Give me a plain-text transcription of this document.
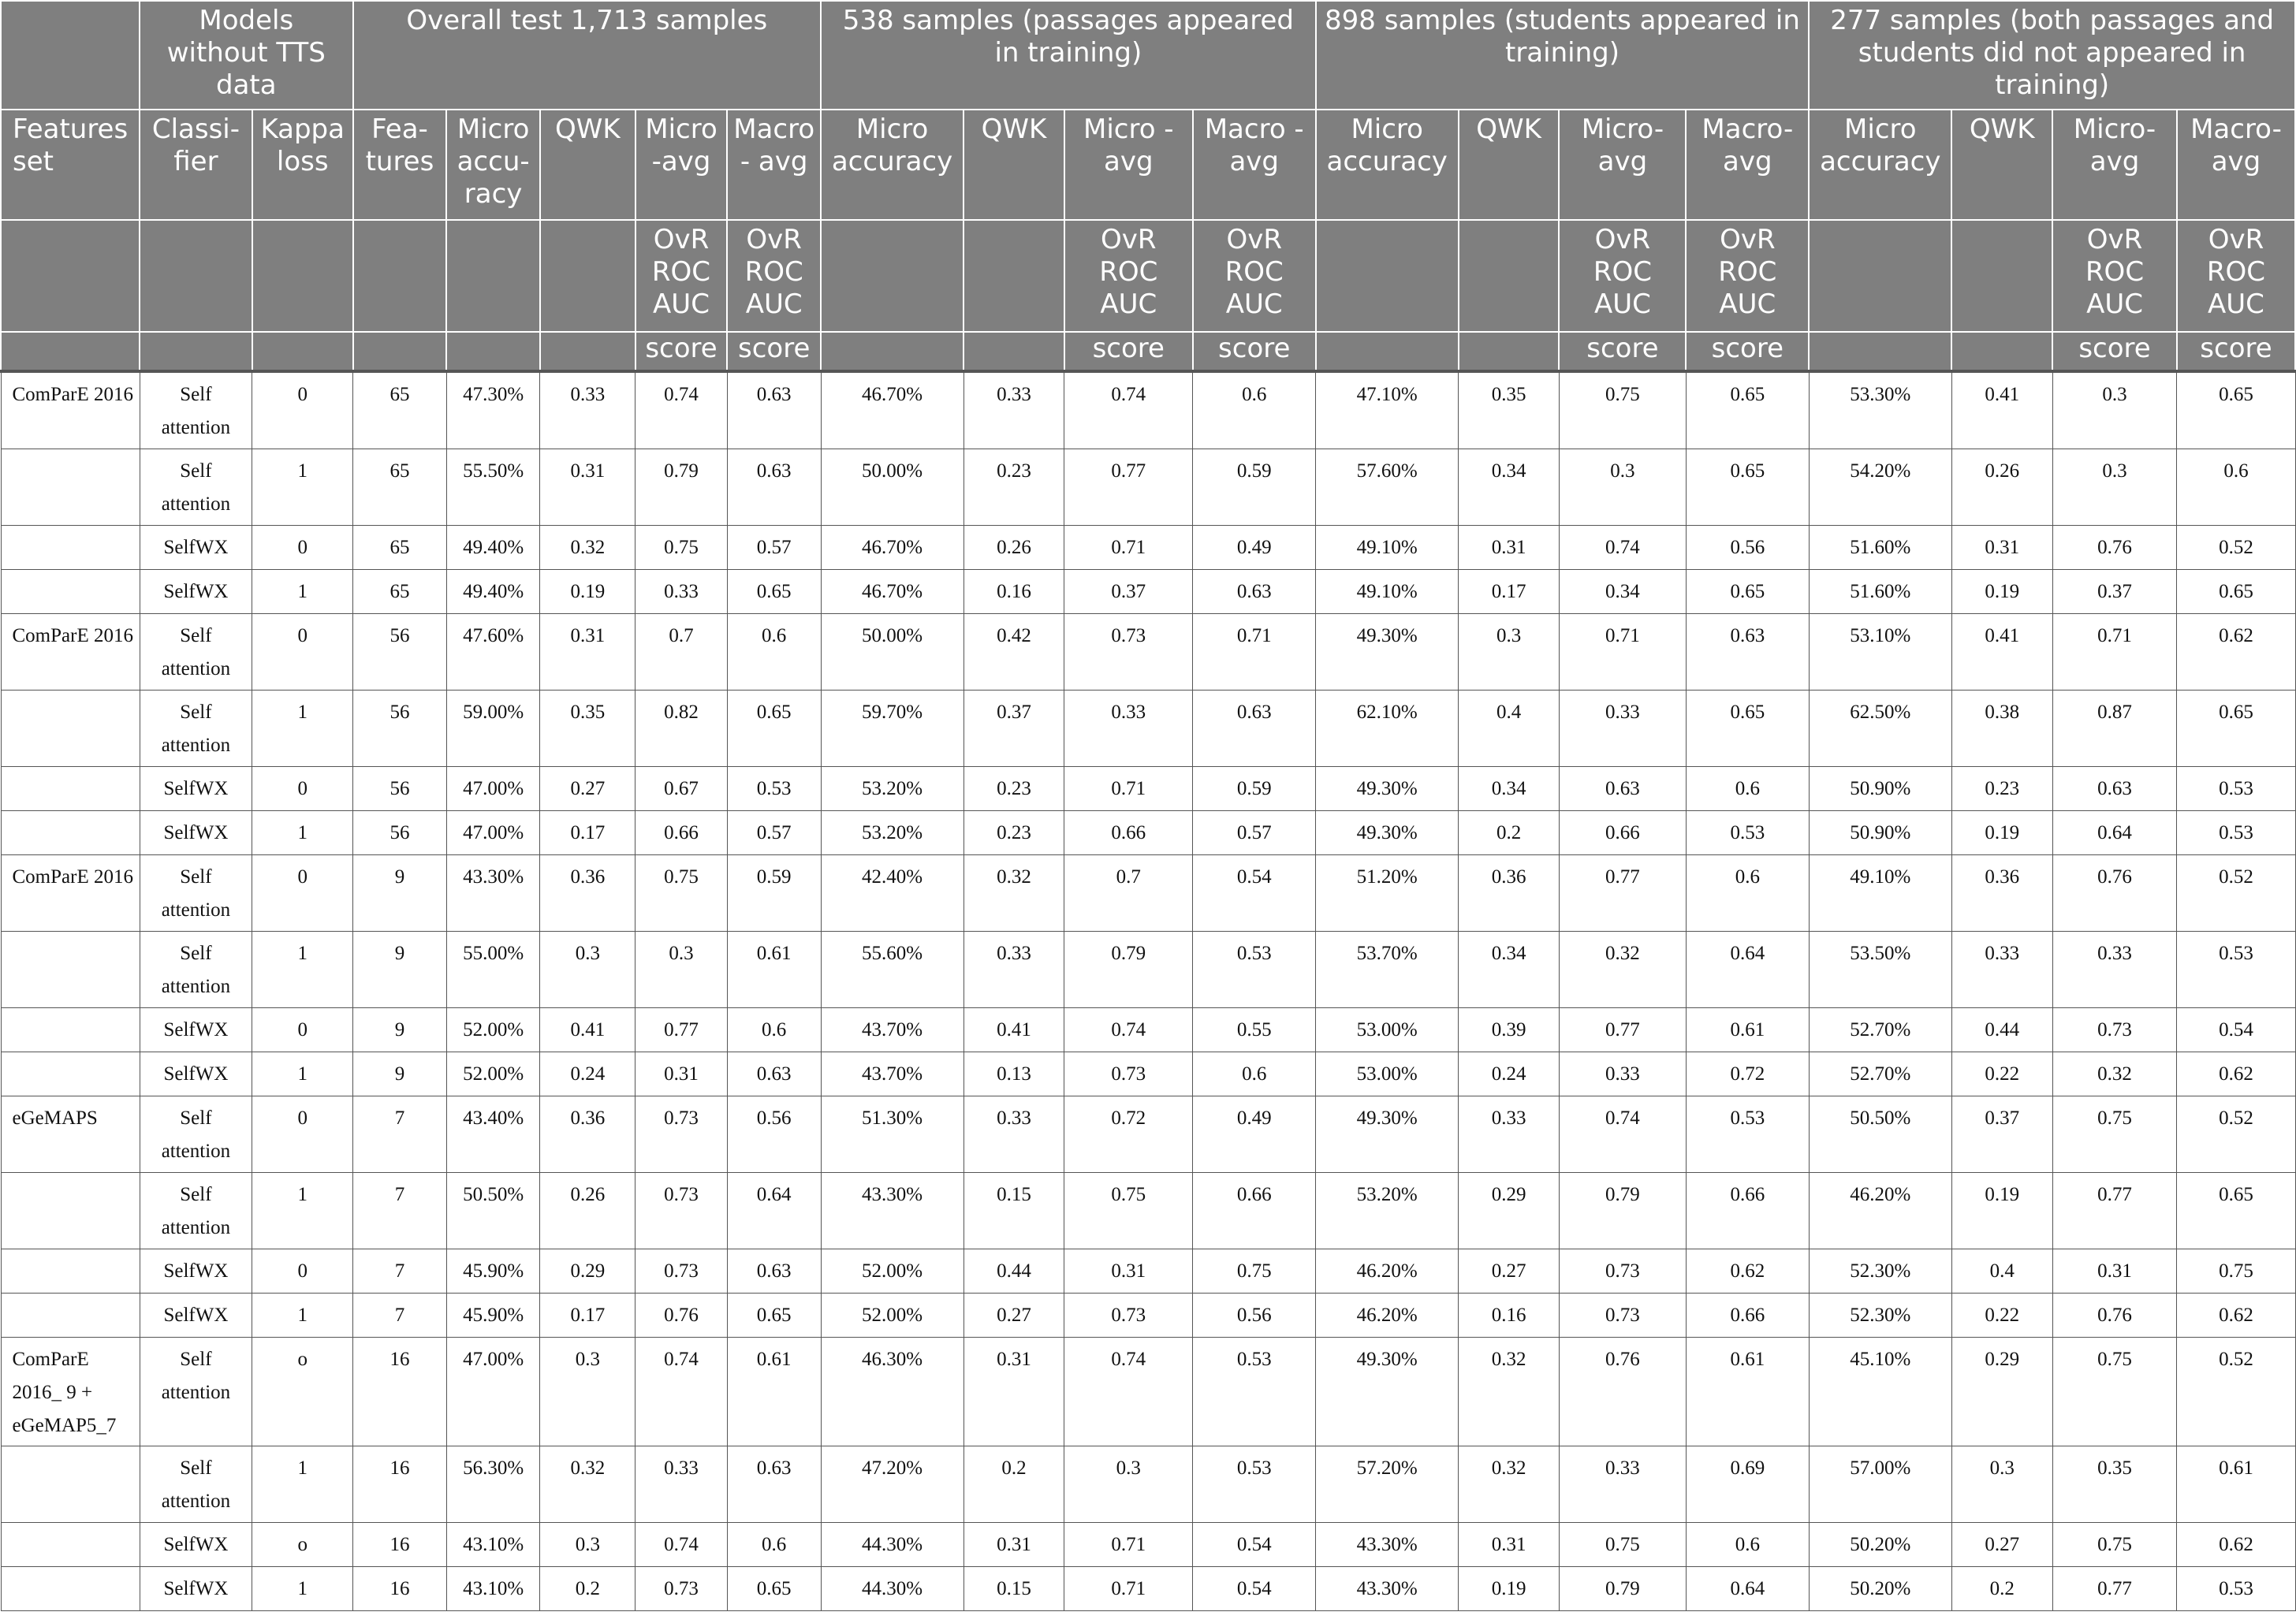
	Models without TTS data		Overall test 1,713 samples					538 samples (passages appeared in training)				898 samples (students appeared in training)				277 samples (both passages and students did not appeared in training)			
Features set	Classi-fier	Kappa loss	Fea-tures	Micro accu-racy	QWK	Micro -avg	Macro - avg	Micro accuracy	QWK	Micro -avg	Macro -avg	Micro accuracy	QWK	Micro-avg	Macro-avg	Micro accuracy	QWK	Micro-avg	Macro-avg
						OvR ROC AUC	OvR ROC AUC			OvR ROC AUC	OvR ROC AUC			OvR ROC AUC	OvR ROC AUC			OvR ROC AUC	OvR ROC AUC
						score	score			score	score			score	score			score	score
ComParE 2016	Self attention	0	65	47.30%	0.33	0.74	0.63	46.70%	0.33	0.74	0.6	47.10%	0.35	0.75	0.65	53.30%	0.41	0.3	0.65
	Self attention	1	65	55.50%	0.31	0.79	0.63	50.00%	0.23	0.77	0.59	57.60%	0.34	0.3	0.65	54.20%	0.26	0.3	0.6
	SelfWX	0	65	49.40%	0.32	0.75	0.57	46.70%	0.26	0.71	0.49	49.10%	0.31	0.74	0.56	51.60%	0.31	0.76	0.52
	SelfWX	1	65	49.40%	0.19	0.33	0.65	46.70%	0.16	0.37	0.63	49.10%	0.17	0.34	0.65	51.60%	0.19	0.37	0.65
ComParE 2016	Self attention	0	56	47.60%	0.31	0.7	0.6	50.00%	0.42	0.73	0.71	49.30%	0.3	0.71	0.63	53.10%	0.41	0.71	0.62
	Self attention	1	56	59.00%	0.35	0.82	0.65	59.70%	0.37	0.33	0.63	62.10%	0.4	0.33	0.65	62.50%	0.38	0.87	0.65
	SelfWX	0	56	47.00%	0.27	0.67	0.53	53.20%	0.23	0.71	0.59	49.30%	0.34	0.63	0.6	50.90%	0.23	0.63	0.53
	SelfWX	1	56	47.00%	0.17	0.66	0.57	53.20%	0.23	0.66	0.57	49.30%	0.2	0.66	0.53	50.90%	0.19	0.64	0.53
ComParE 2016	Self attention	0	9	43.30%	0.36	0.75	0.59	42.40%	0.32	0.7	0.54	51.20%	0.36	0.77	0.6	49.10%	0.36	0.76	0.52
	Self attention	1	9	55.00%	0.3	0.3	0.61	55.60%	0.33	0.79	0.53	53.70%	0.34	0.32	0.64	53.50%	0.33	0.33	0.53
	SelfWX	0	9	52.00%	0.41	0.77	0.6	43.70%	0.41	0.74	0.55	53.00%	0.39	0.77	0.61	52.70%	0.44	0.73	0.54
	SelfWX	1	9	52.00%	0.24	0.31	0.63	43.70%	0.13	0.73	0.6	53.00%	0.24	0.33	0.72	52.70%	0.22	0.32	0.62
eGeMAPS	Self attention	0	7	43.40%	0.36	0.73	0.56	51.30%	0.33	0.72	0.49	49.30%	0.33	0.74	0.53	50.50%	0.37	0.75	0.52
	Self attention	1	7	50.50%	0.26	0.73	0.64	43.30%	0.15	0.75	0.66	53.20%	0.29	0.79	0.66	46.20%	0.19	0.77	0.65
	SelfWX	0	7	45.90%	0.29	0.73	0.63	52.00%	0.44	0.31	0.75	46.20%	0.27	0.73	0.62	52.30%	0.4	0.31	0.75
	SelfWX	1	7	45.90%	0.17	0.76	0.65	52.00%	0.27	0.73	0.56	46.20%	0.16	0.73	0.66	52.30%	0.22	0.76	0.62
ComParE 2016_ 9 + eGeMAP5_7	Self attention	o	16	47.00%	0.3	0.74	0.61	46.30%	0.31	0.74	0.53	49.30%	0.32	0.76	0.61	45.10%	0.29	0.75	0.52
	Self attention	1	16	56.30%	0.32	0.33	0.63	47.20%	0.2	0.3	0.53	57.20%	0.32	0.33	0.69	57.00%	0.3	0.35	0.61
	SelfWX	o	16	43.10%	0.3	0.74	0.6	44.30%	0.31	0.71	0.54	43.30%	0.31	0.75	0.6	50.20%	0.27	0.75	0.62
	SelfWX	1	16	43.10%	0.2	0.73	0.65	44.30%	0.15	0.71	0.54	43.30%	0.19	0.79	0.64	50.20%	0.2	0.77	0.53
